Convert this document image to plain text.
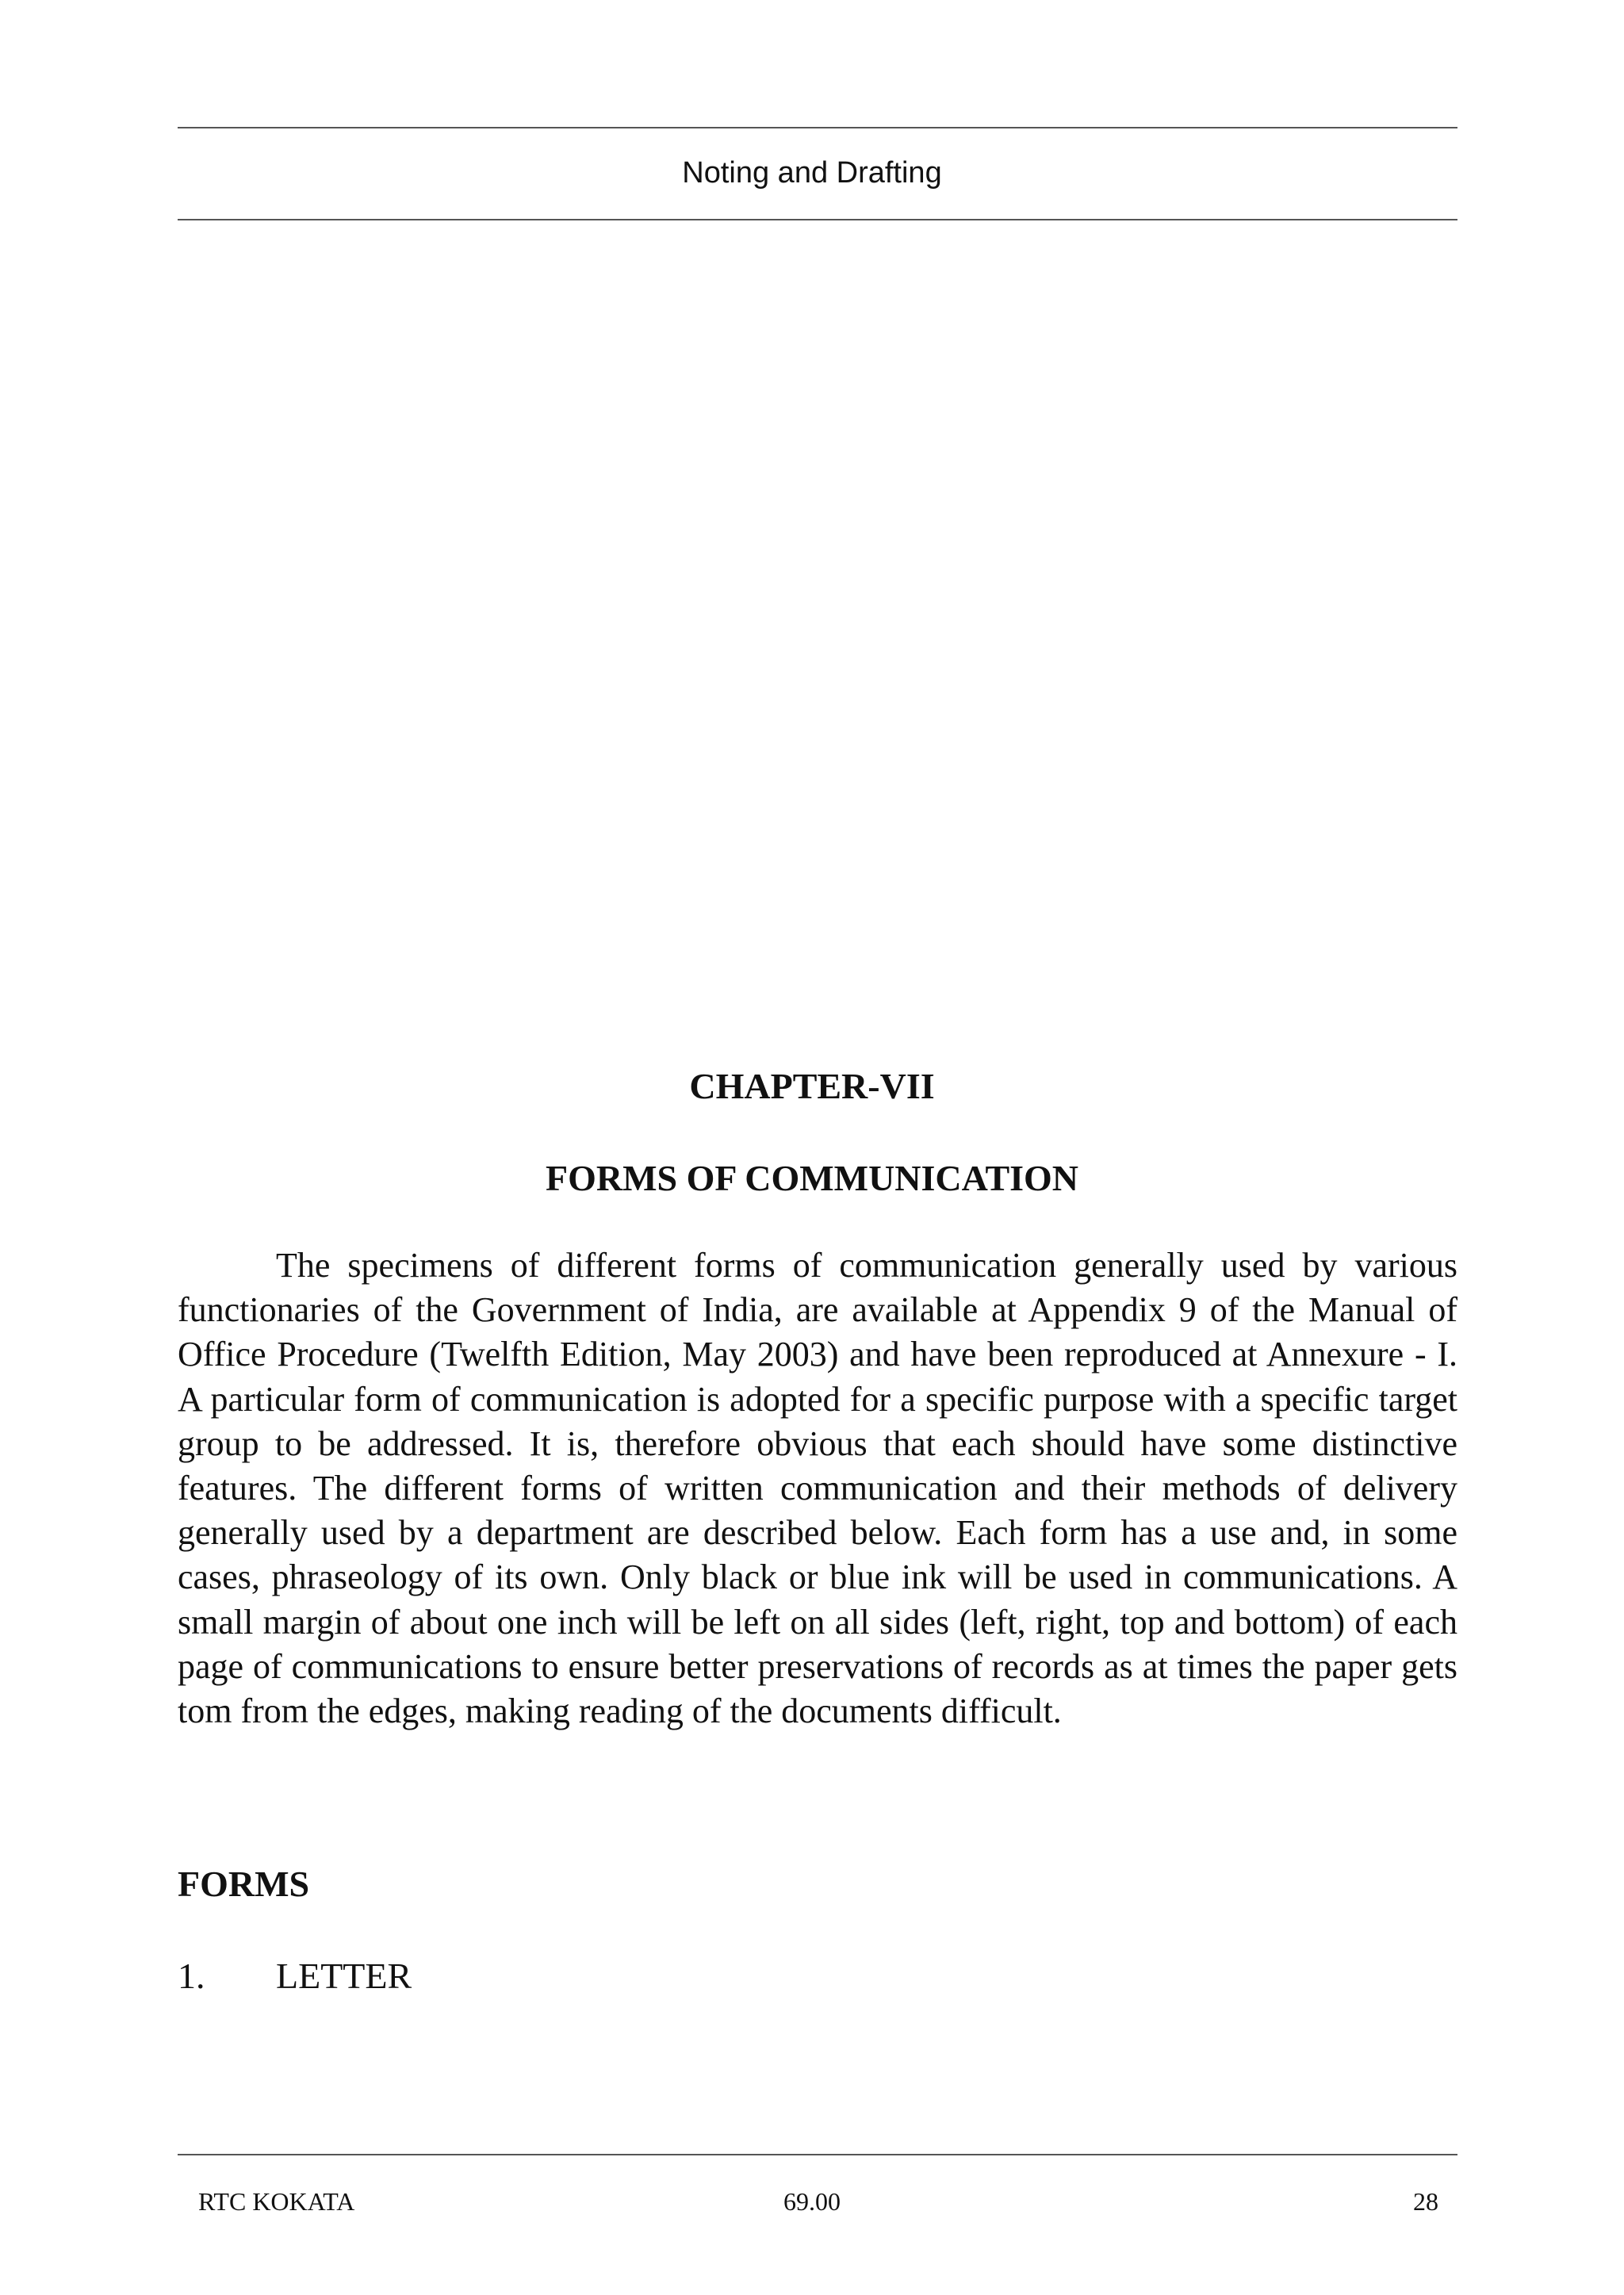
Noting and Drafting
CHAPTER-VII
FORMS OF COMMUNICATION

The specimens of different forms of communication generally used by various functionaries of the Government of India, are available at Appendix 9 of the Manual of Office Procedure (Twelfth Edition, May 2003) and have been reproduced at Annexure - I. A particular form of communication is adopted for a specific purpose with a specific target group to be addressed. It is, therefore obvious that each should have some distinctive features. The different forms of written communication and their methods of delivery generally used by a department are described below. Each form has a use and, in some cases, phraseology of its own. Only black or blue ink will be used in communications. A small margin of about one inch will be left on all sides (left, right, top and bottom) of each page of communications to ensure better preservations of records as at times the paper gets tom from the edges, making reading of the documents difficult.

FORMS
1. LETTER
RTC KOKATA	69.00	28
